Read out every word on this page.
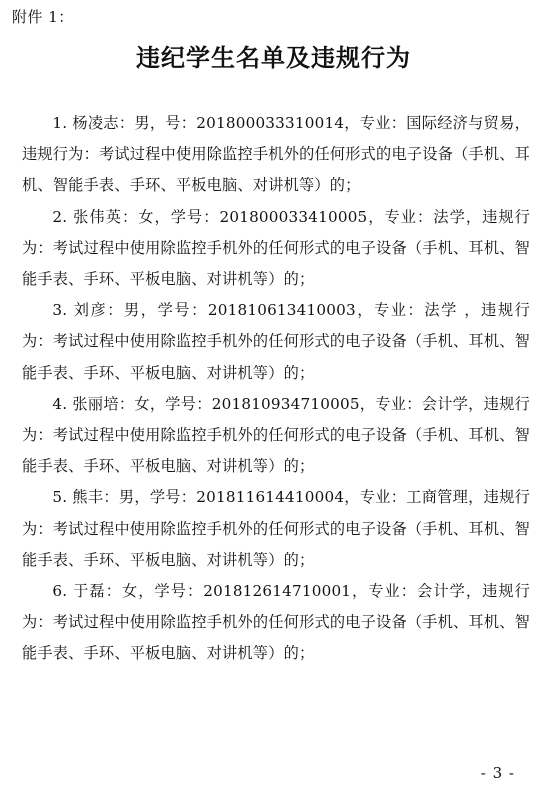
附件 1：
违纪学生名单及违规行为

1. 杨凌志：男，号：201800033310014，专业：国际经济与贸易，违规行为：考试过程中使用除监控手机外的任何形式的电子设备（手机、耳机、智能手表、手环、平板电脑、对讲机等）的；

2. 张伟英：女，学号：201800033410005，专业：法学，违规行为：考试过程中使用除监控手机外的任何形式的电子设备（手机、耳机、智能手表、手环、平板电脑、对讲机等）的；

3. 刘彦：男，学号：201810613410003，专业：法学 ，违规行为：考试过程中使用除监控手机外的任何形式的电子设备（手机、耳机、智能手表、手环、平板电脑、对讲机等）的；

4. 张丽培：女，学号：201810934710005，专业：会计学，违规行为：考试过程中使用除监控手机外的任何形式的电子设备（手机、耳机、智能手表、手环、平板电脑、对讲机等）的；

5. 熊丰：男，学号：201811614410004，专业：工商管理，违规行为：考试过程中使用除监控手机外的任何形式的电子设备（手机、耳机、智能手表、手环、平板电脑、对讲机等）的；

6. 于磊：女，学号：201812614710001，专业：会计学，违规行为：考试过程中使用除监控手机外的任何形式的电子设备（手机、耳机、智能手表、手环、平板电脑、对讲机等）的；

- 3 -
